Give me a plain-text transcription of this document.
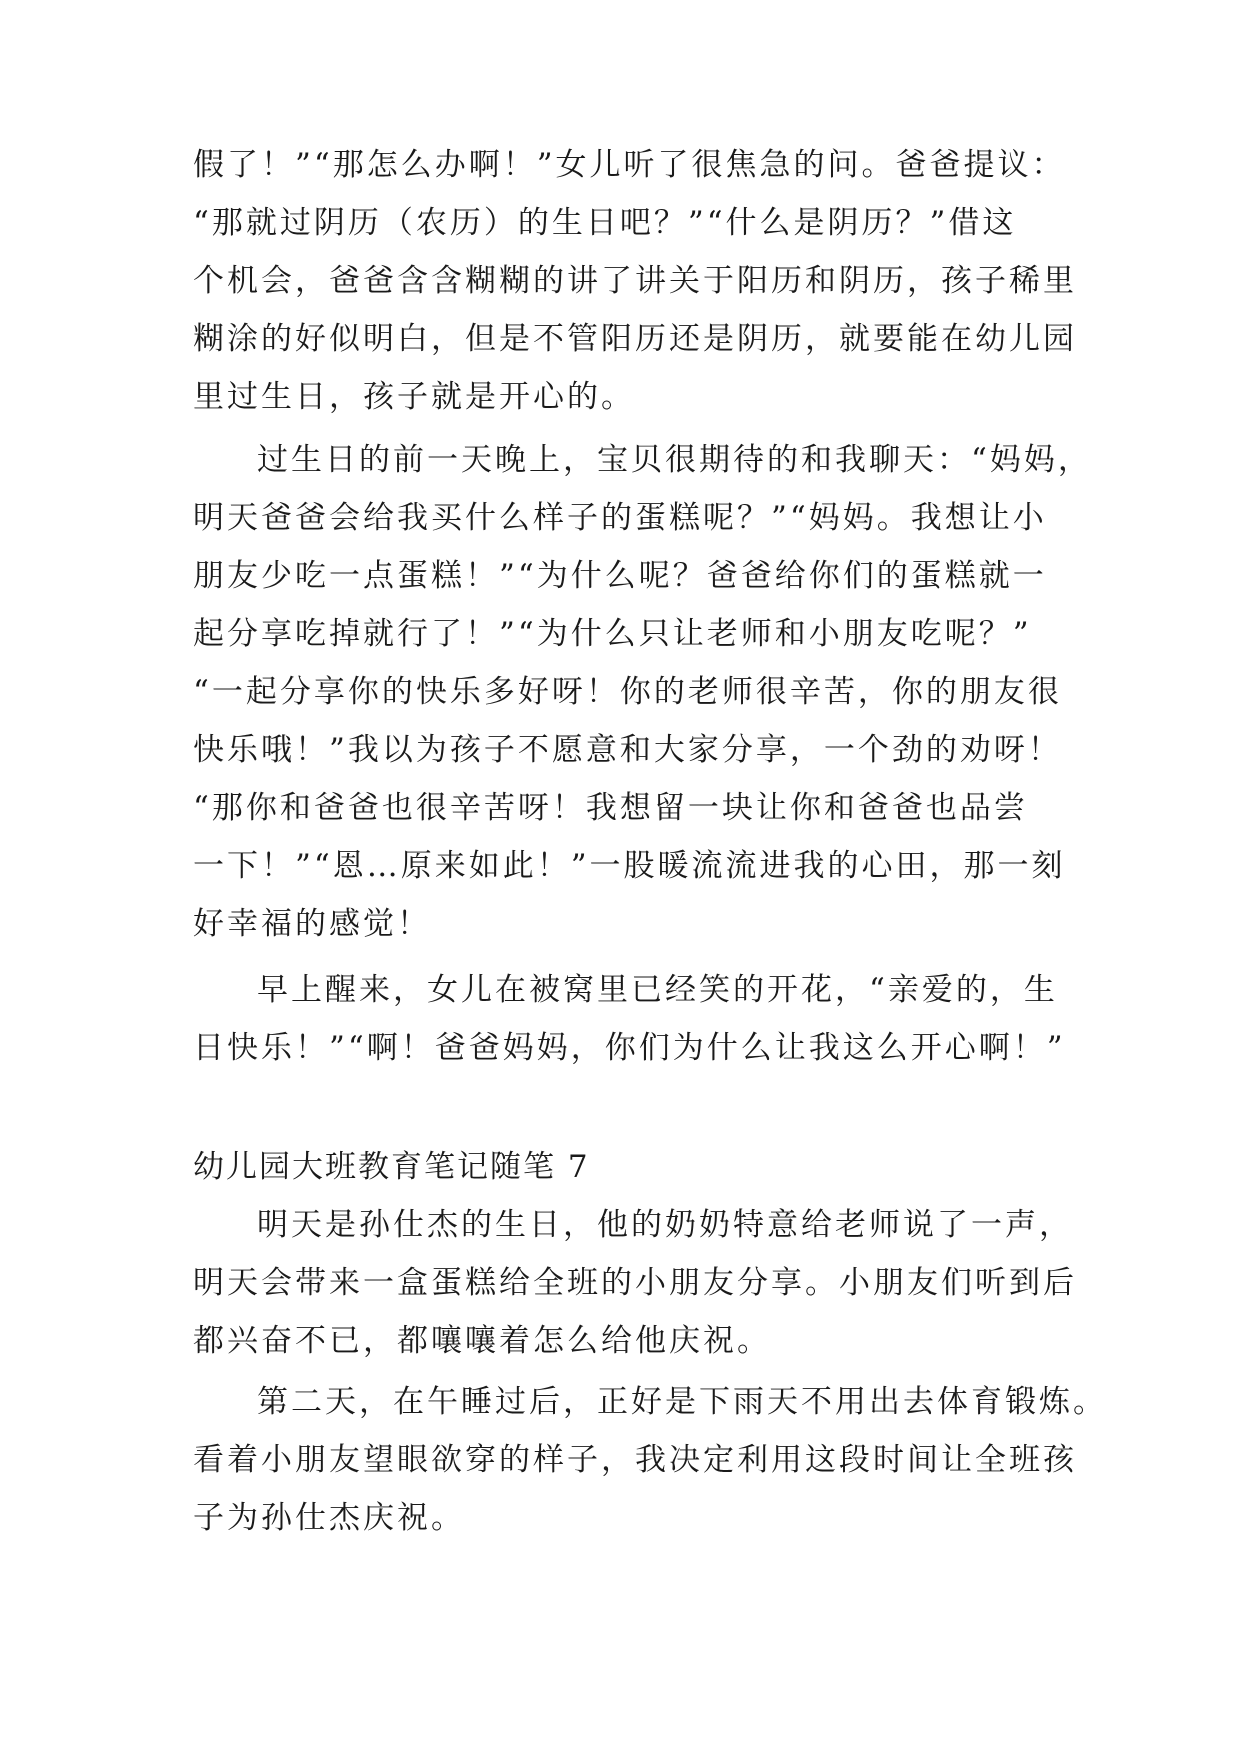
假了！”“那怎么办啊！”女儿听了很焦急的问。爸爸提议：
“那就过阴历（农历）的生日吧？”“什么是阴历？”借这
个机会，爸爸含含糊糊的讲了讲关于阳历和阴历，孩子稀里
糊涂的好似明白，但是不管阳历还是阴历，就要能在幼儿园
里过生日，孩子就是开心的。
过生日的前一天晚上，宝贝很期待的和我聊天：“妈妈，
明天爸爸会给我买什么样子的蛋糕呢？”“妈妈。我想让小
朋友少吃一点蛋糕！”“为什么呢？爸爸给你们的蛋糕就一
起分享吃掉就行了！”“为什么只让老师和小朋友吃呢？”
“一起分享你的快乐多好呀！你的老师很辛苦，你的朋友很
快乐哦！”我以为孩子不愿意和大家分享，一个劲的劝呀！
“那你和爸爸也很辛苦呀！我想留一块让你和爸爸也品尝
一下！”“恩…原来如此！”一股暖流流进我的心田，那一刻
好幸福的感觉！
早上醒来，女儿在被窝里已经笑的开花，“亲爱的，生
日快乐！”“啊！爸爸妈妈，你们为什么让我这么开心啊！”
幼儿园大班教育笔记随笔 7
明天是孙仕杰的生日，他的奶奶特意给老师说了一声，
明天会带来一盒蛋糕给全班的小朋友分享。小朋友们听到后
都兴奋不已，都嚷嚷着怎么给他庆祝。
第二天，在午睡过后，正好是下雨天不用出去体育锻炼。
看着小朋友望眼欲穿的样子，我决定利用这段时间让全班孩
子为孙仕杰庆祝。
